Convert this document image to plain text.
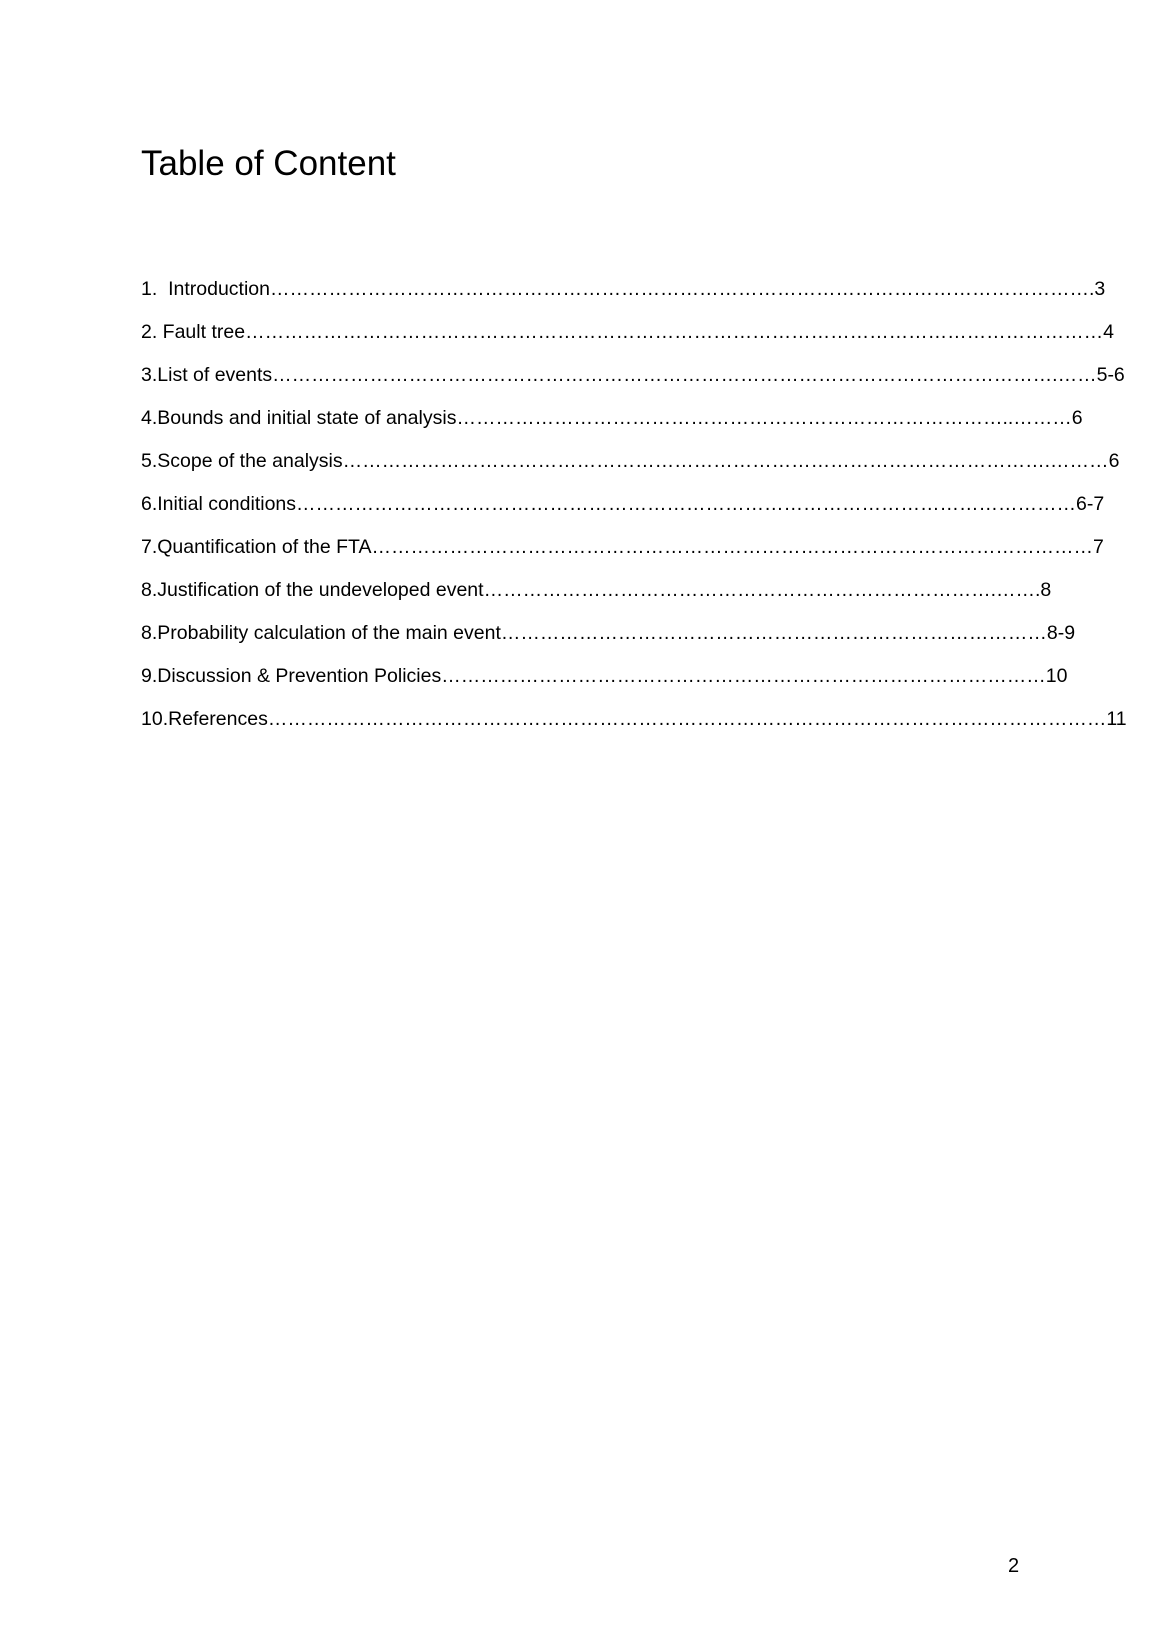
Table of Content
1.  Introduction……………………………………………………………………………………………………………….3
2. Fault tree……………………………………………………………………………………………………………………4
3.List of events………………………………………………………………………………………………………….……5-6
4.Bounds and initial state of analysis…………………………………………………………………………..………6
5.Scope of the analysis……………………………………………………………………………………………….………6
6.Initial conditions…………………………………………………………………………………………………………6-7
7.Quantification of the FTA…………………………………………………………………………………………………7
8.Justification of the undeveloped event…………………………………………………………………….…….8
8.Probability calculation of the main event…………………………………………………………………………8-9
9.Discussion & Prevention Policies…………………………………………………………………………………10
10.References…………………………………………………………………………………………………………………11
2
